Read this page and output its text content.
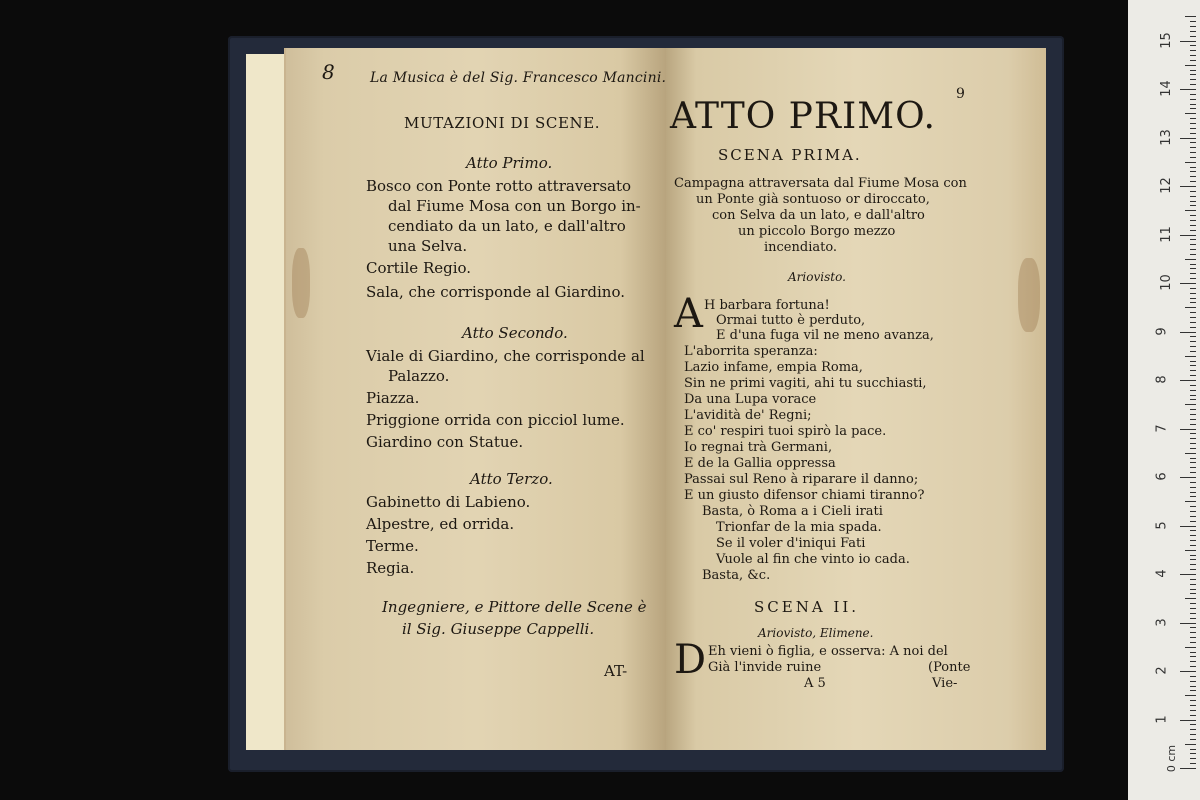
8	La Musica è del Sig. Francesco Mancini.
MUTAZIONI DI SCENE.
Atto Primo.
Bosco con Ponte rotto attraversato
dal Fiume Mosa con un Borgo in-
cendiato da un lato, e dall'altro
una Selva.
Cortile Regio.
Sala, che corrisponde al Giardino.
Atto Secondo.
Viale di Giardino, che corrisponde al
Palazzo.
Piazza.
Priggione orrida con picciol lume.
Giardino con Statue.
Atto Terzo.
Gabinetto di Labieno.
Alpestre, ed orrida.
Terme.
Regia.
Ingegniere, e Pittore delle Scene è
il Sig. Giuseppe Cappelli.
AT-
9
ATTO PRIMO.
SCENA PRIMA.
Campagna attraversata dal Fiume Mosa con
un Ponte già sontuoso or diroccato,
con Selva da un lato, e dall'altro
un piccolo Borgo mezzo
incendiato.
Ariovisto.
A H barbara fortuna!
Ormai tutto è perduto,
E d'una fuga vil ne meno avanza,
L'aborrita speranza:
Lazio infame, empia Roma,
Sin ne primi vagiti, ahi tu succhiasti,
Da una Lupa vorace
L'avidità de' Regni;
E co' respiri tuoi spirò la pace.
Io regnai trà Germani,
E de la Gallia oppressa
Passai sul Reno à riparare il danno;
E un giusto difensor chiami tiranno?
Basta, ò Roma a i Cieli irati
Trionfar de la mia spada.
Se il voler d'iniqui Fati
Vuole al fin che vinto io cada.
Basta, &c.
SCENA II.
Ariovisto, Elimene.
D Eh vieni ò figlia, e osserva: A noi del
Già l'invide ruine	(Ponte
A 5	Vie-
1
2
3
4
5
6
7
8
9
10
11
12
13
14
15
0 cm
